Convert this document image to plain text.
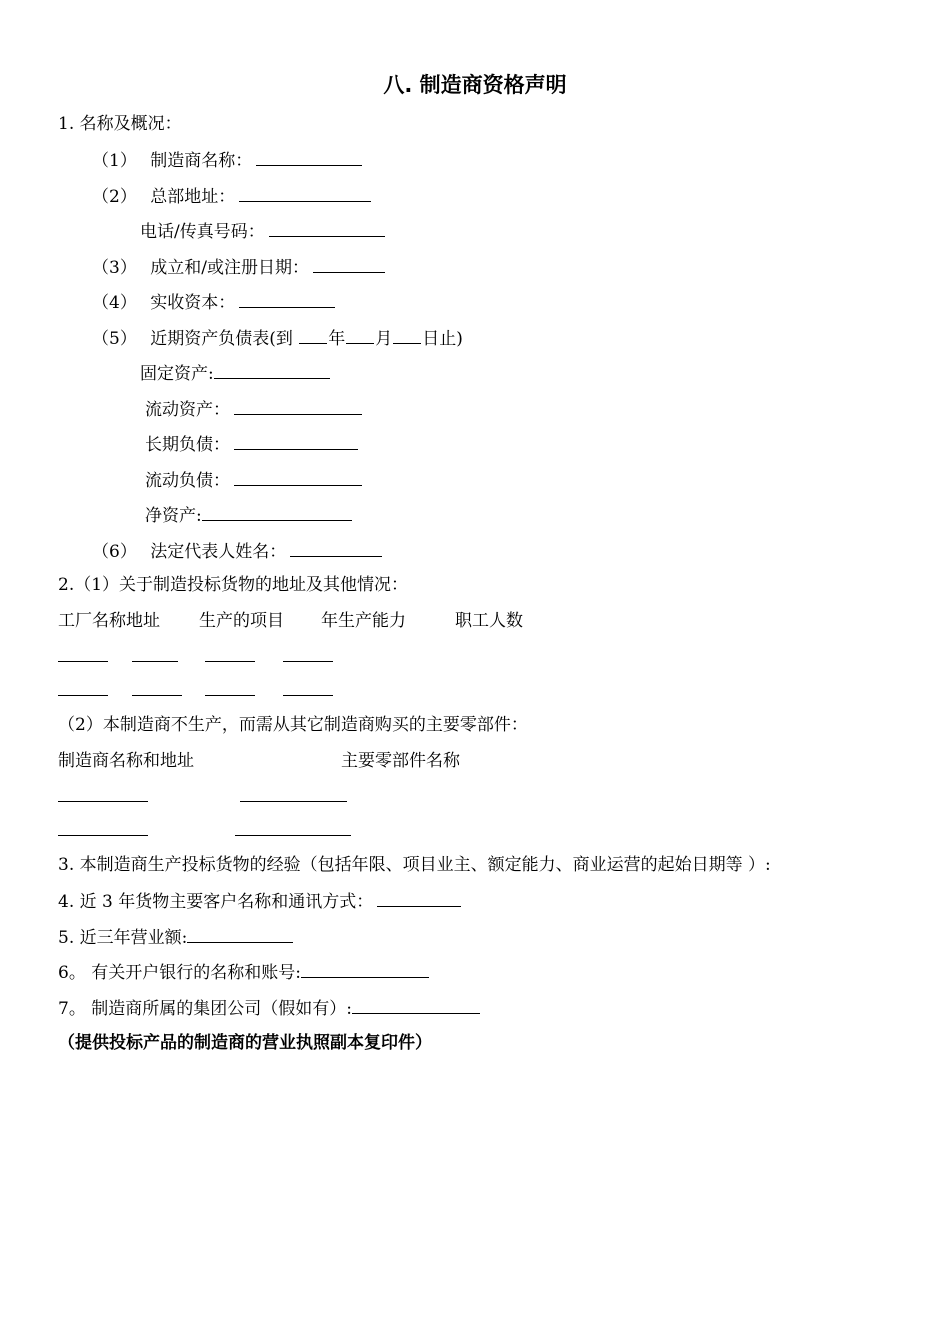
八. 制造商资格声明
1. 名称及概况：
（1） 制造商名称：
（2） 总部地址：
电话/传真号码：
（3） 成立和/或注册日期：
（4） 实收资本：
（5） 近期资产负债表(到 年 月 日止)
固定资产:
流动资产：
长期负债：
流动负债：
净资产:
（6） 法定代表人姓名：
2.（1）关于制造投标货物的地址及其他情况：
工厂名称地址 生产的项目 年生产能力	职工人数
（2）本制造商不生产，而需从其它制造商购买的主要零部件：
制造商名称和地址	主要零部件名称
3. 本制造商生产投标货物的经验（包括年限、项目业主、额定能力、商业运营的起始日期等 ）:
4. 近 3 年货物主要客户名称和通讯方式：
5. 近三年营业额:
6。 有关开户银行的名称和账号:
7。 制造商所属的集团公司（假如有）:
（提供投标产品的制造商的营业执照副本复印件）
